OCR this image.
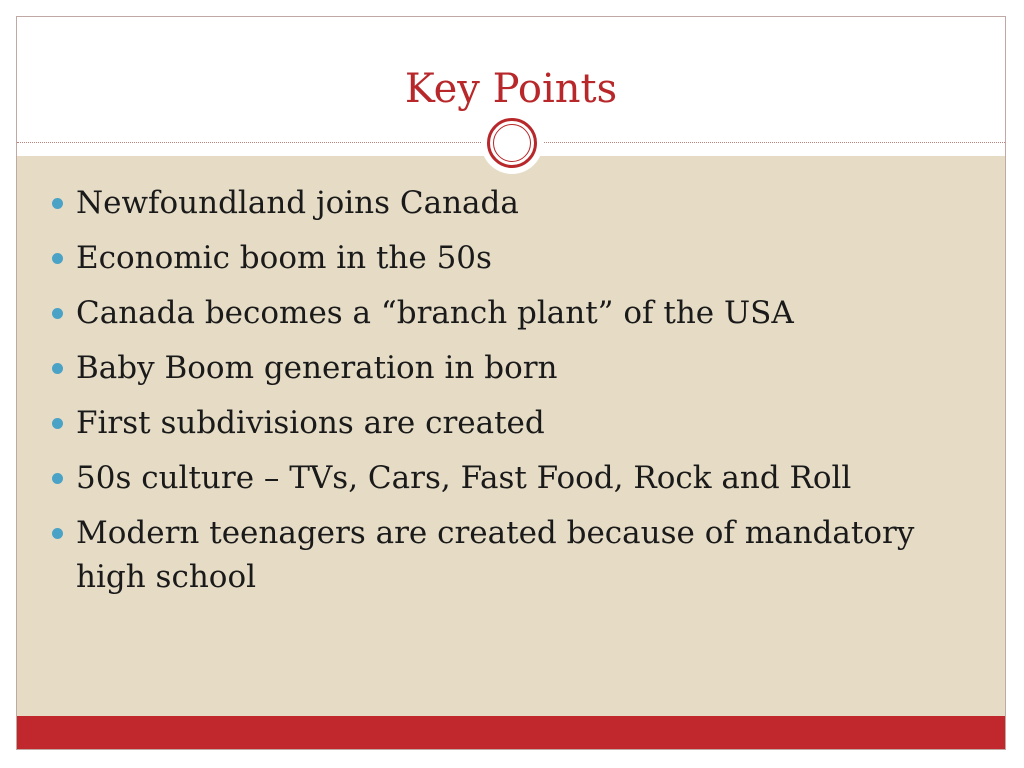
Key Points
Newfoundland joins Canada
Economic boom in the 50s
Canada becomes a “branch plant” of the USA
Baby Boom generation in born
First subdivisions are created
50s culture – TVs, Cars, Fast Food, Rock and Roll
Modern teenagers are created because of mandatory high school
